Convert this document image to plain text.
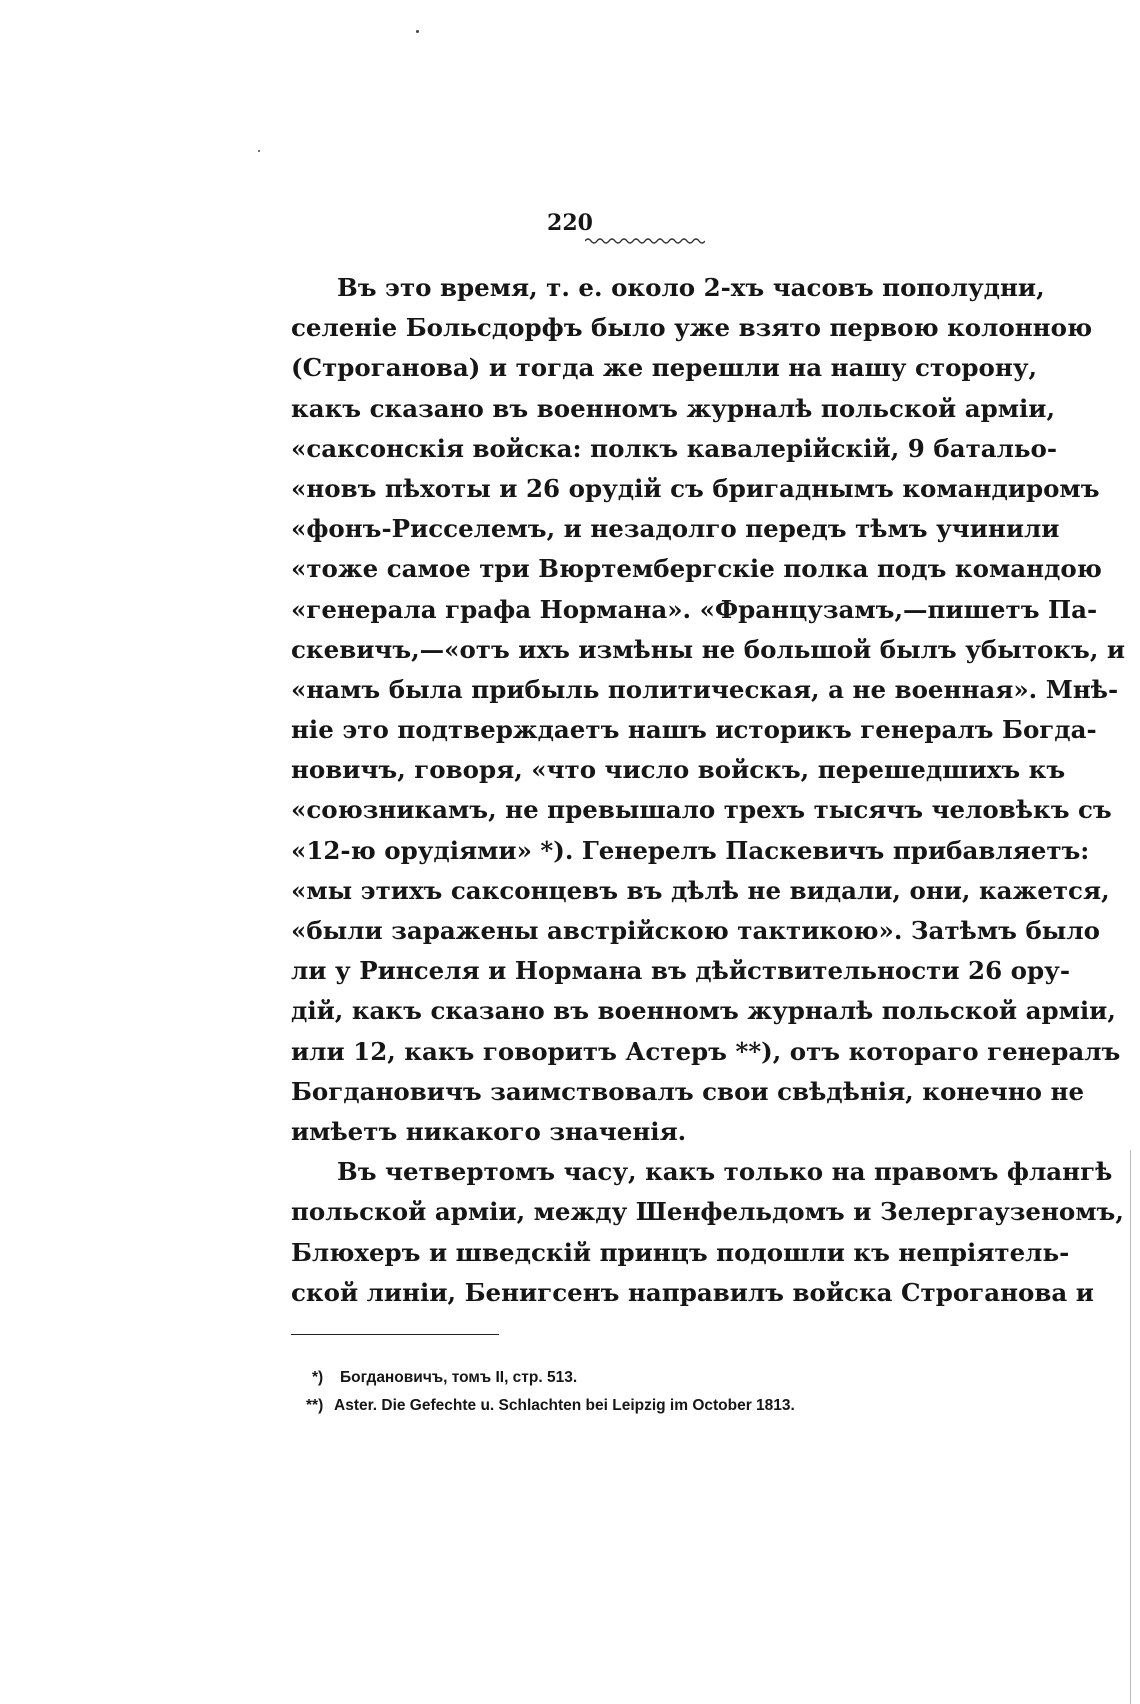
220
Въ это время, т. е. около 2-хъ часовъ пополудни,
селеніе Больсдорфъ было уже взято первою колонною
(Строганова) и тогда же перешли на нашу сторону,
какъ сказано въ военномъ журналѣ польской арміи,
«саксонскія войска: полкъ кавалерійскій, 9 батальо-
«новъ пѣхоты и 26 орудій съ бригаднымъ командиромъ
«фонъ-Рисселемъ, и незадолго передъ тѣмъ учинили
«тоже самое три Вюртембергскіе полка подъ командою
«генерала графа Нормана». «Французамъ,—пишетъ Па-
скевичъ,—«отъ ихъ измѣны не большой былъ убытокъ, и
«намъ была прибыль политическая, а не военная». Мнѣ-
ніе это подтверждаетъ нашъ историкъ генералъ Богда-
новичъ, говоря, «что число войскъ, перешедшихъ къ
«союзникамъ, не превышало трехъ тысячъ человѣкъ съ
«12-ю орудіями» *). Генерелъ Паскевичъ прибавляетъ:
«мы этихъ саксонцевъ въ дѣлѣ не видали, они, кажется,
«были заражены австрійскою тактикою». Затѣмъ было
ли у Ринселя и Нормана въ дѣйствительности 26 ору-
дій, какъ сказано въ военномъ журналѣ польской арміи,
или 12, какъ говоритъ Астеръ **), отъ котораго генералъ
Богдановичъ заимствовалъ свои свѣдѣнія, конечно не
имѣетъ никакого значенія.
Въ четвертомъ часу, какъ только на правомъ флангѣ
польской арміи, между Шенфельдомъ и Зелергаузеномъ,
Блюхеръ и шведскій принцъ подошли къ непріятель-
ской линіи, Бенигсенъ направилъ войска Строганова и
*) Богдановичъ, томъ II, стр. 513.
**) Aster. Die Gefechte u. Schlachten bei Leipzig im October 1813.
